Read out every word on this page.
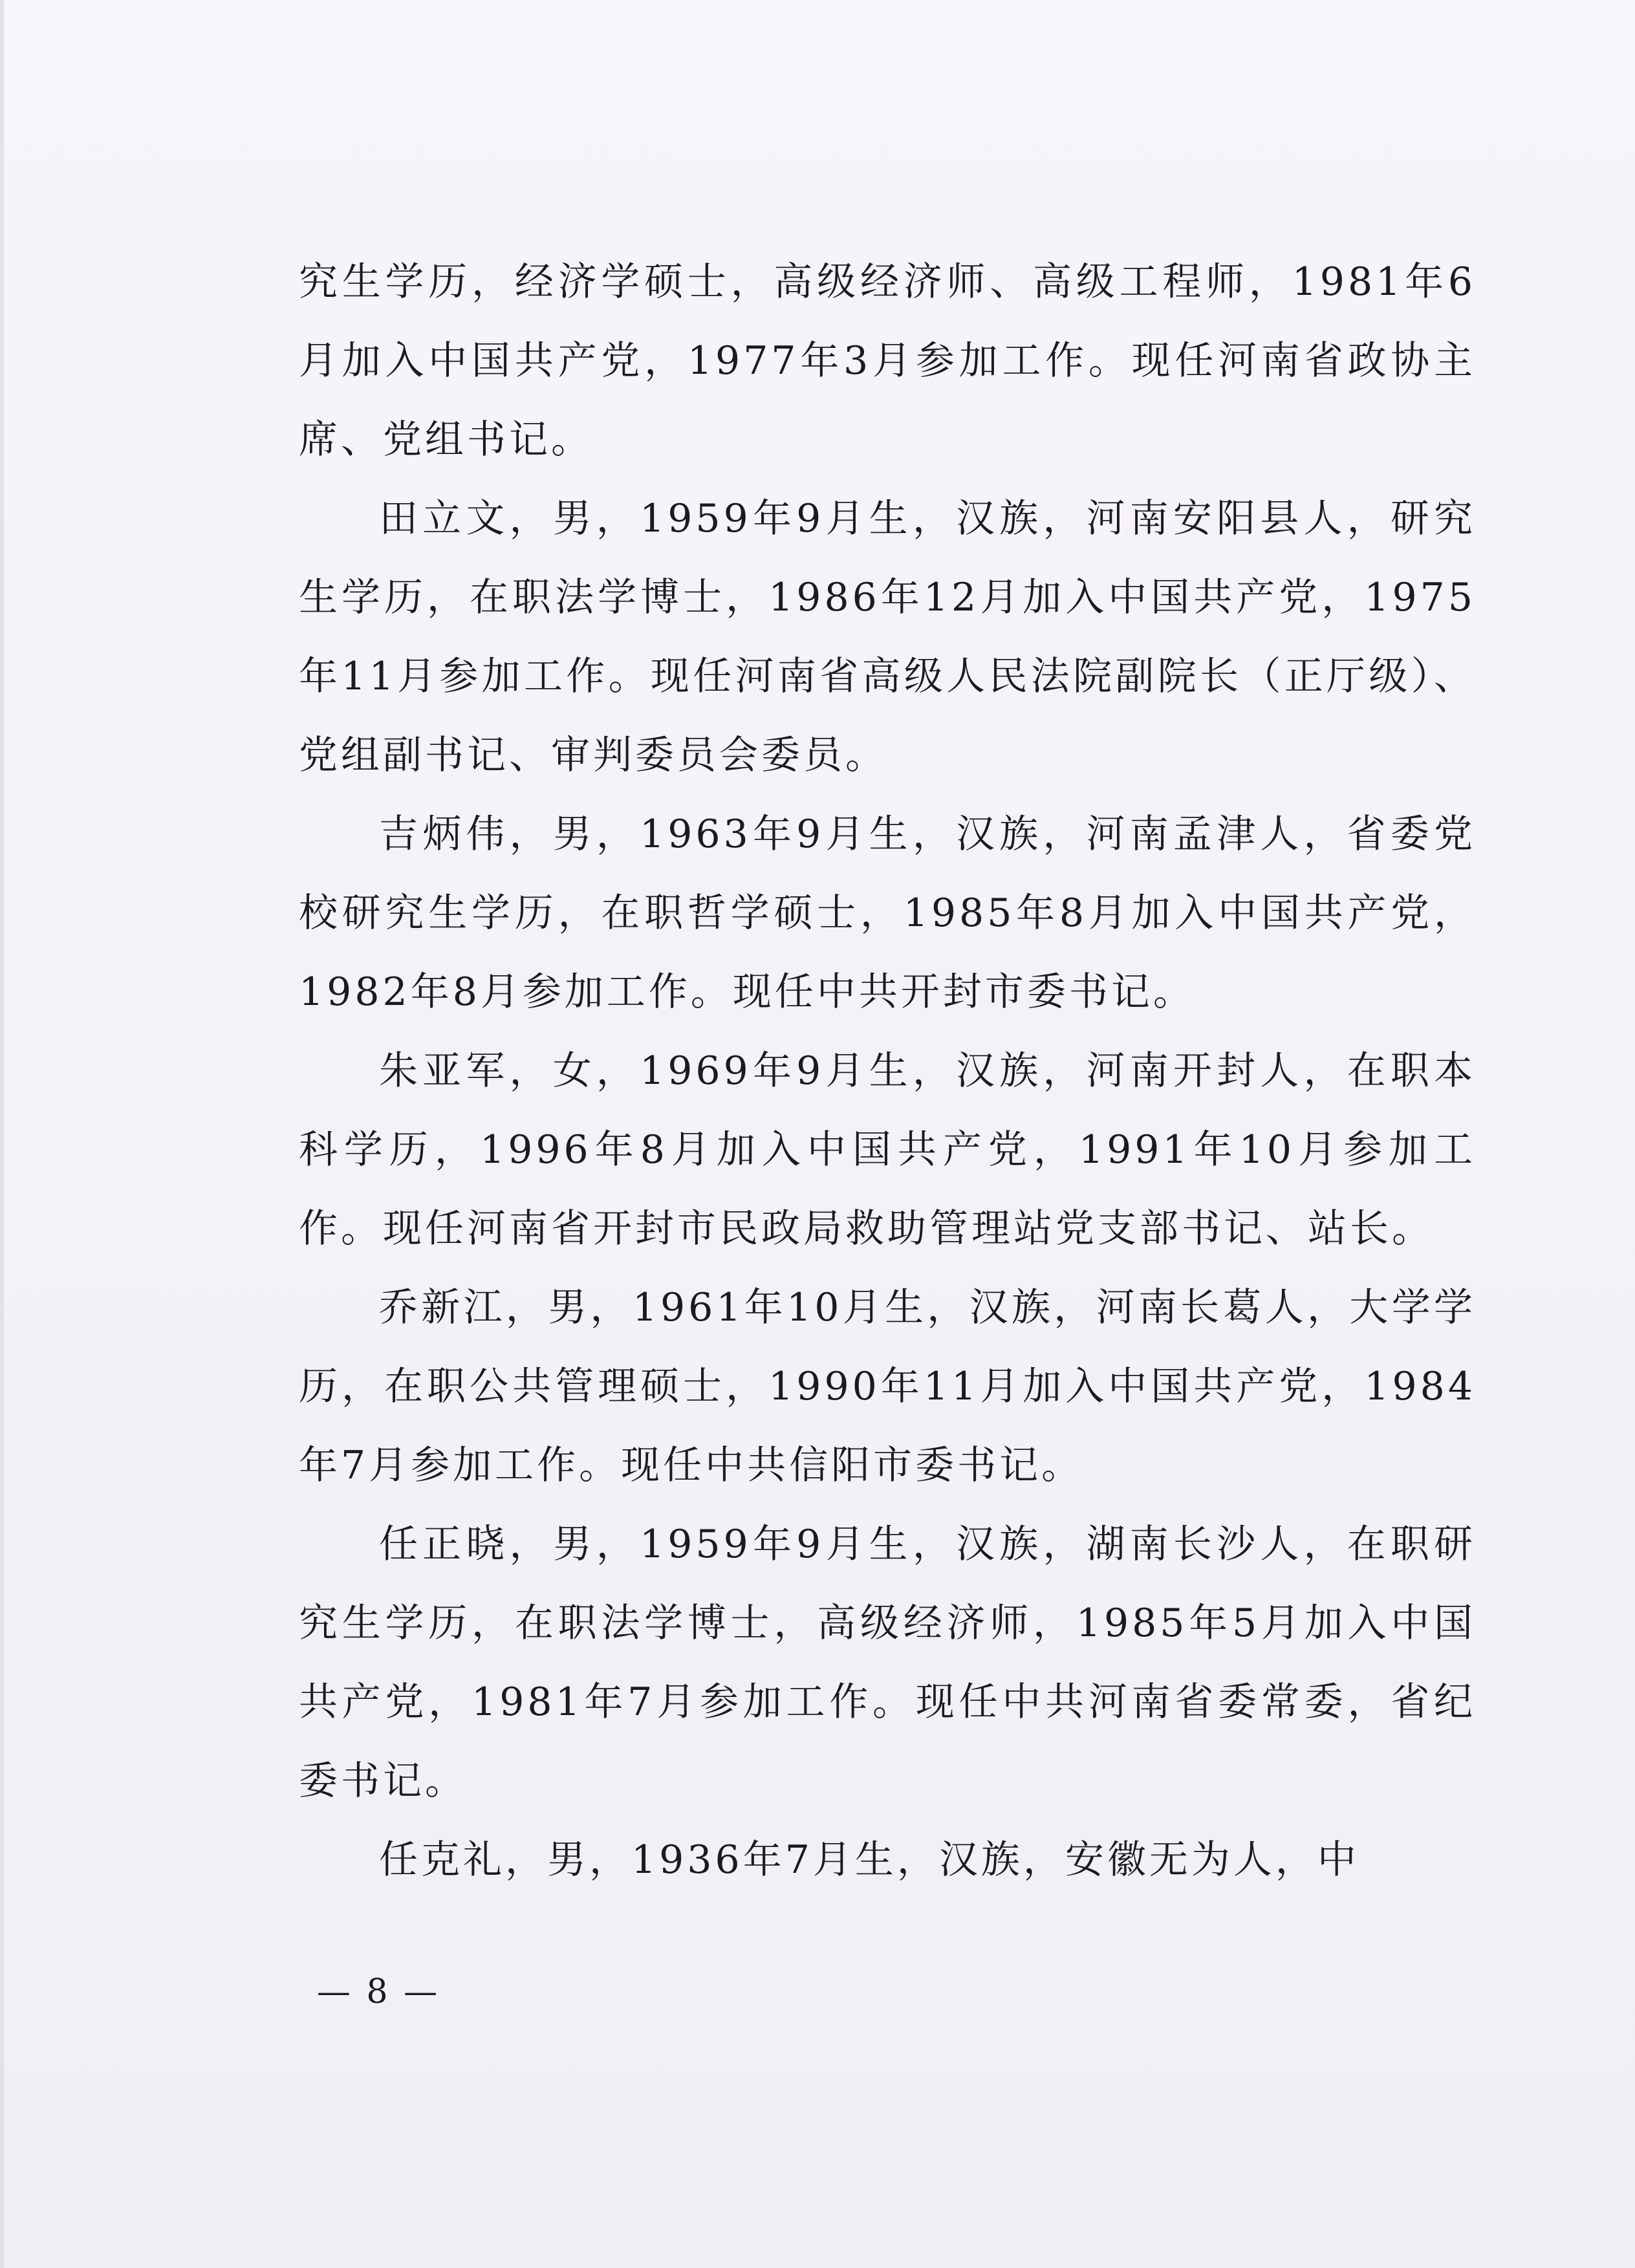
究生学历，经济学硕士，高级经济师、高级工程师，1981年6月加入中国共产党，1977年3月参加工作。现任河南省政协主席、党组书记。

田立文，男，1959年9月生，汉族，河南安阳县人，研究生学历，在职法学博士，1986年12月加入中国共产党，1975年11月参加工作。现任河南省高级人民法院副院长（正厅级）、党组副书记、审判委员会委员。

吉炳伟，男，1963年9月生，汉族，河南孟津人，省委党校研究生学历，在职哲学硕士，1985年8月加入中国共产党，1982年8月参加工作。现任中共开封市委书记。

朱亚军，女，1969年9月生，汉族，河南开封人，在职本科学历，1996年8月加入中国共产党，1991年10月参加工作。现任河南省开封市民政局救助管理站党支部书记、站长。

乔新江，男，1961年10月生，汉族，河南长葛人，大学学历，在职公共管理硕士，1990年11月加入中国共产党，1984年7月参加工作。现任中共信阳市委书记。

任正晓，男，1959年9月生，汉族，湖南长沙人，在职研究生学历，在职法学博士，高级经济师，1985年5月加入中国共产党，1981年7月参加工作。现任中共河南省委常委，省纪委书记。

任克礼，男，1936年7月生，汉族，安徽无为人，中

— 8 —
